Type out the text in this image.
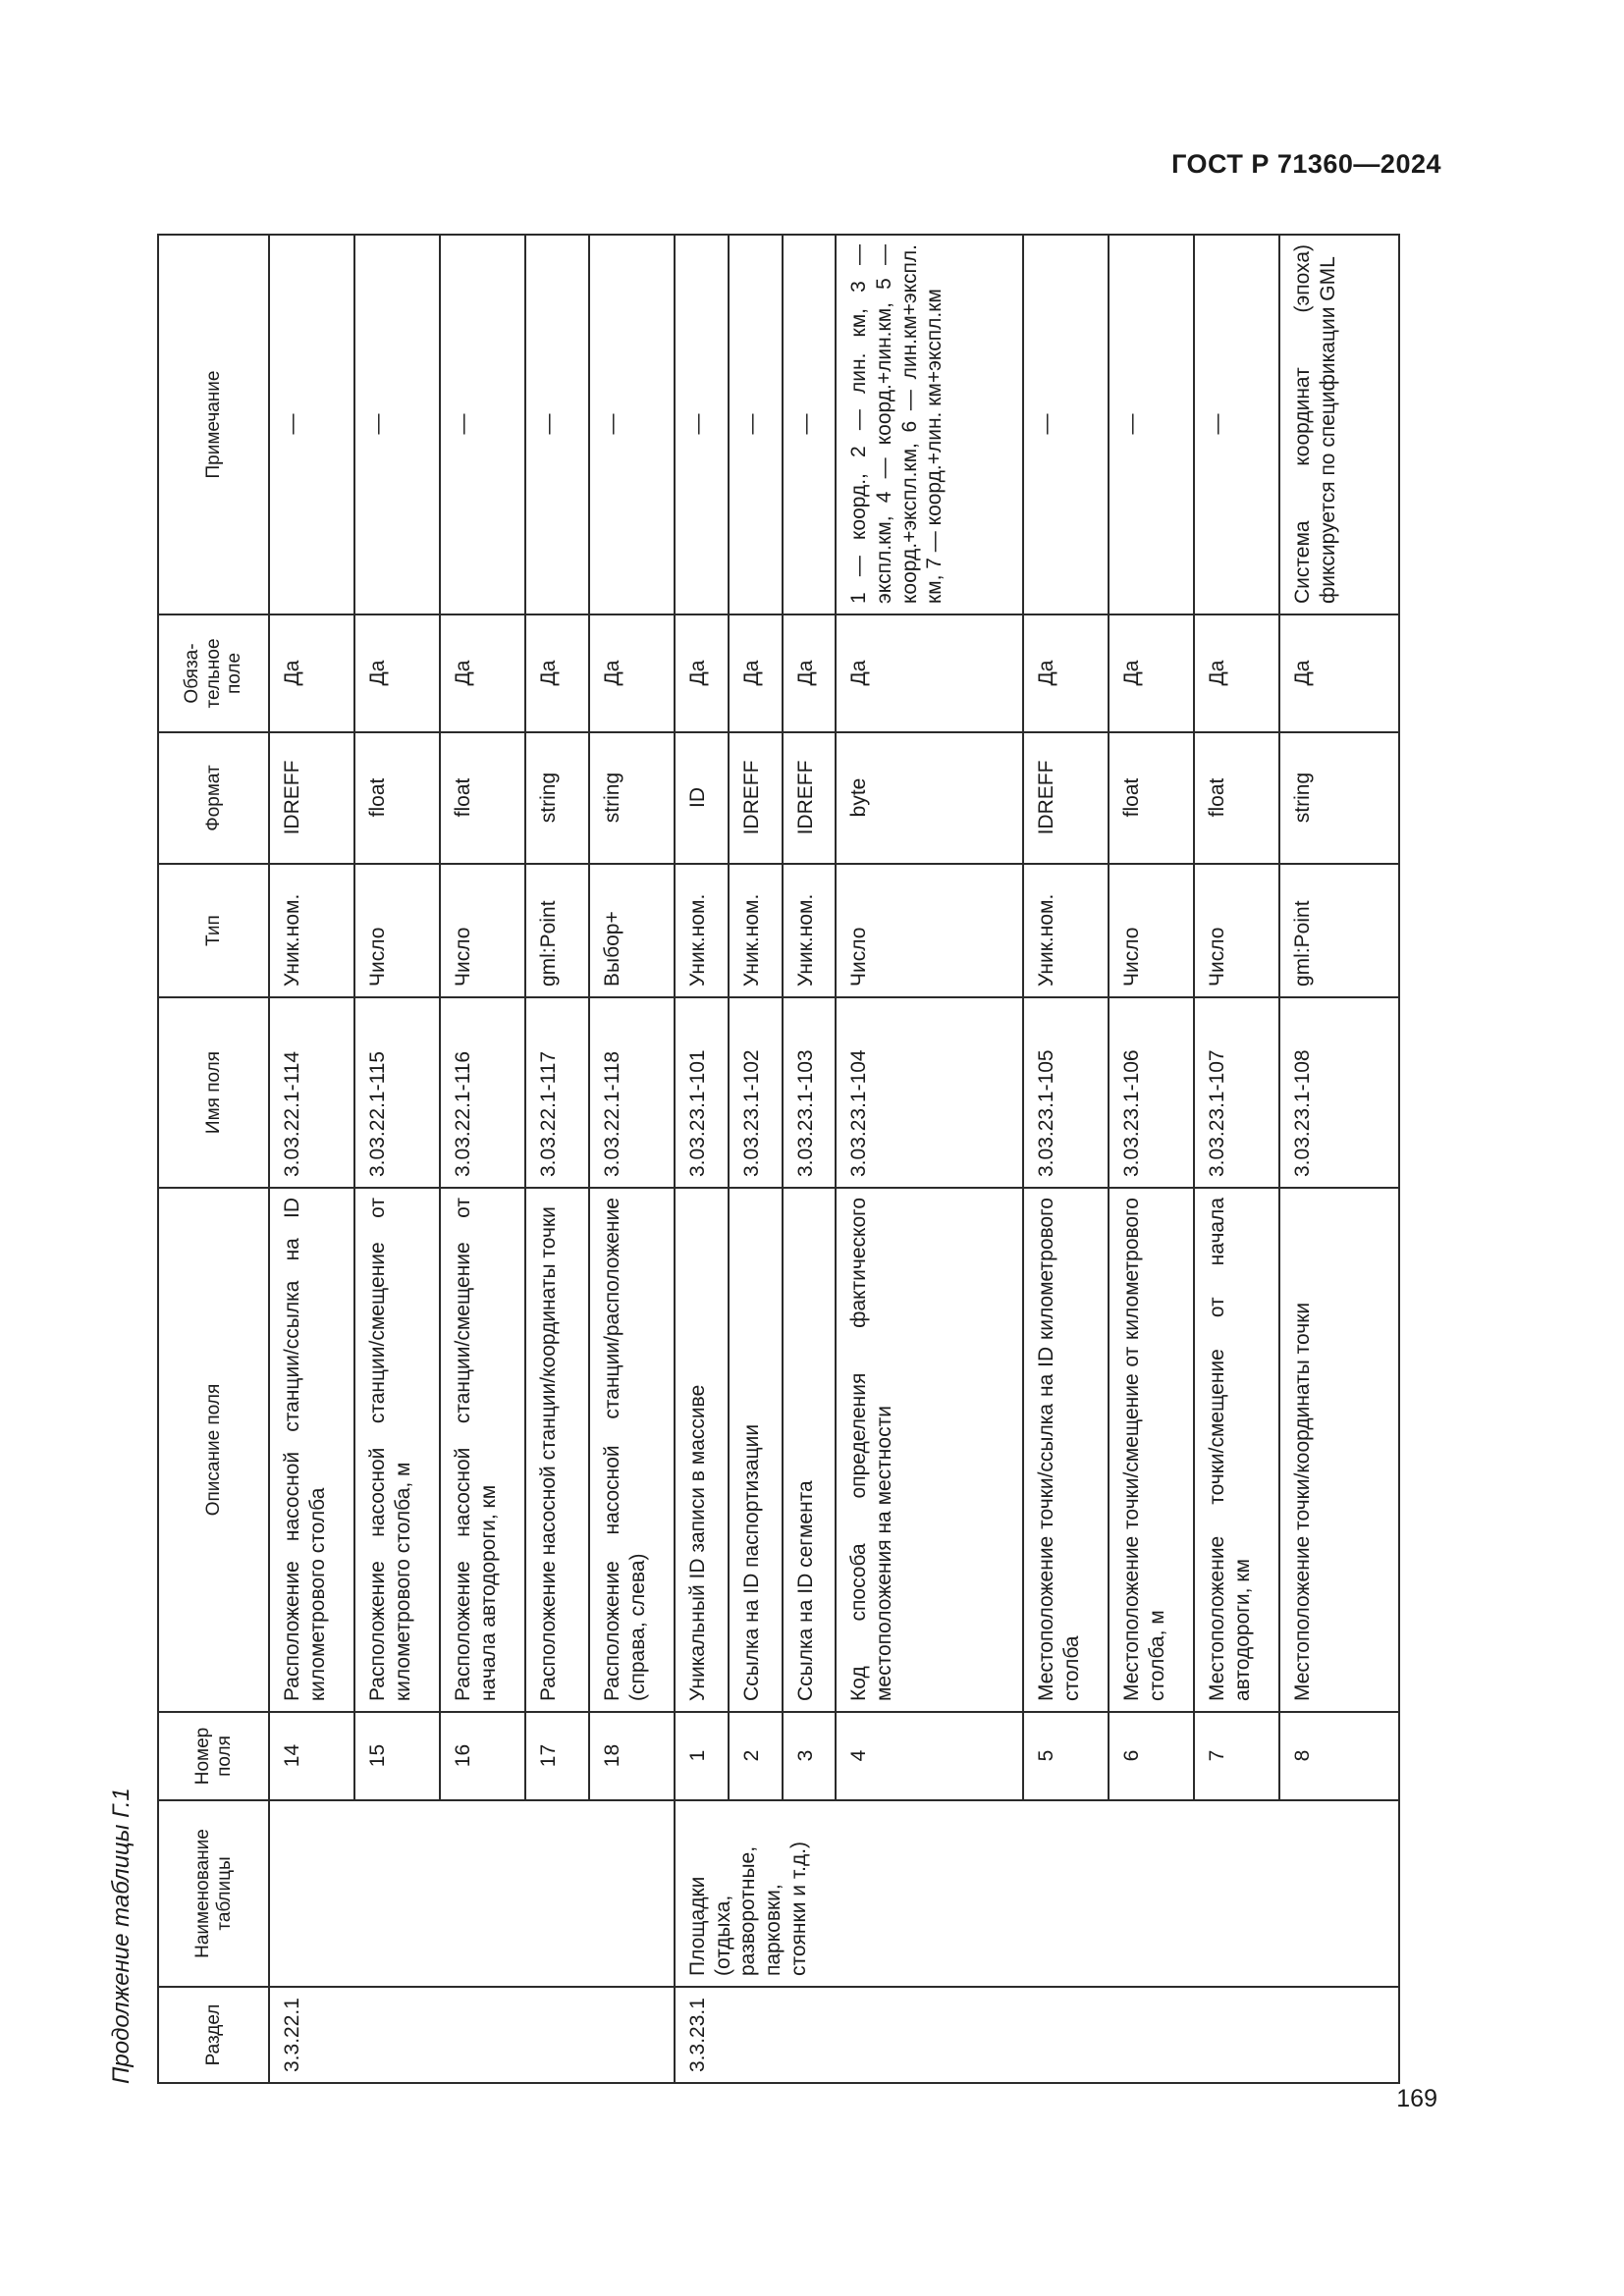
ГОСТ Р 71360—2024
Продолжение таблицы Г.1	Раздел	Наименование таблицы	Номер поля	Описание поля	Имя поля	Тип	Формат	Обяза-тельное поле	Примечание
3.3.22.1		14	Расположение насосной станции/ссылка на ID километрового столба	3.03.22.1-114	Уник.ном.	IDREFF	Да	—
		15	Расположение насосной станции/смещение от километрового столба, м	3.03.22.1-115	Число	float	Да	—
		16	Расположение насосной станции/смещение от начала автодороги, км	3.03.22.1-116	Число	float	Да	—
		17	Расположение насосной станции/координаты точки	3.03.22.1-117	gml:Point	string	Да	—
		18	Расположение насосной станции/расположение (справа, слева)	3.03.22.1-118	Выбор+	string	Да	—
3.3.23.1	Площадки (отдыха, разворотные, парковки, стоянки и т.д.)	1	Уникальный ID записи в массиве	3.03.23.1-101	Уник.ном.	ID	Да	—
		2	Ссылка на ID паспортизации	3.03.23.1-102	Уник.ном.	IDREFF	Да	—
		3	Ссылка на ID сегмента	3.03.23.1-103	Уник.ном.	IDREFF	Да	—
		4	Код способа определения фактического местоположения на местности	3.03.23.1-104	Число	byte	Да	1 — коорд., 2 — лин. км, 3 — экспл.км, 4 — коорд.+лин.км, 5 — коорд.+экспл.км, 6 — лин.км+экспл. км, 7 — коорд.+лин. км+экспл.км
		5	Местоположение точки/ссылка на ID километрового столба	3.03.23.1-105	Уник.ном.	IDREFF	Да	—
		6	Местоположение точки/смещение от километрового столба, м	3.03.23.1-106	Число	float	Да	—
		7	Местоположение точки/смещение от начала автодороги, км	3.03.23.1-107	Число	float	Да	—
		8	Местоположение точки/координаты точки	3.03.23.1-108	gml:Point	string	Да	Система координат (эпоха) фиксируется по спецификации GML
169
